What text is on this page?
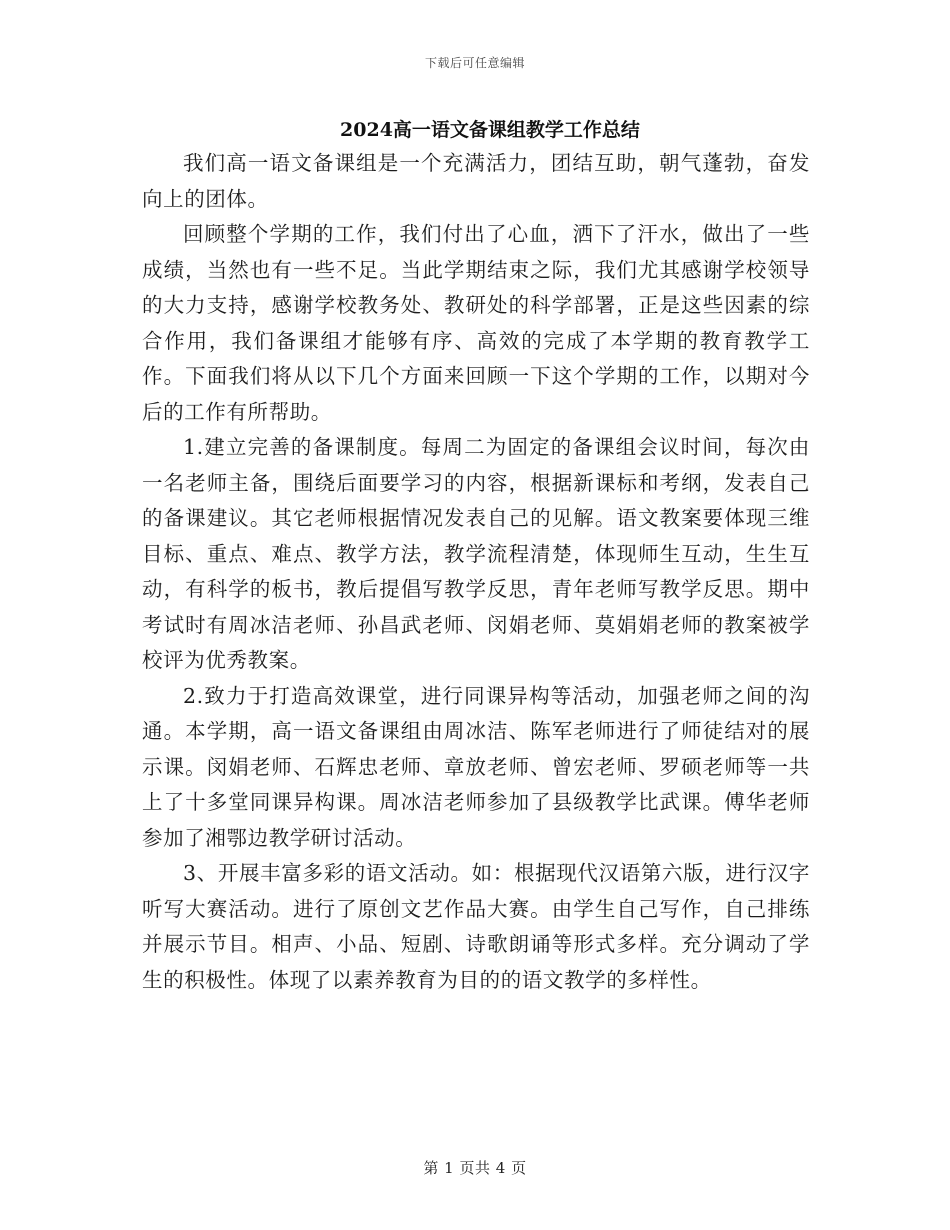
下载后可任意编辑
2024高一语文备课组教学工作总结

我们高一语文备课组是一个充满活力，团结互助，朝气蓬勃，奋发向上的团体。

回顾整个学期的工作，我们付出了心血，洒下了汗水，做出了一些成绩，当然也有一些不足。当此学期结束之际，我们尤其感谢学校领导的大力支持，感谢学校教务处、教研处的科学部署，正是这些因素的综合作用，我们备课组才能够有序、高效的完成了本学期的教育教学工作。下面我们将从以下几个方面来回顾一下这个学期的工作，以期对今后的工作有所帮助。

1.建立完善的备课制度。每周二为固定的备课组会议时间，每次由一名老师主备，围绕后面要学习的内容，根据新课标和考纲，发表自己的备课建议。其它老师根据情况发表自己的见解。语文教案要体现三维目标、重点、难点、教学方法，教学流程清楚，体现师生互动，生生互动，有科学的板书，教后提倡写教学反思，青年老师写教学反思。期中考试时有周冰洁老师、孙昌武老师、闵娟老师、莫娟娟老师的教案被学校评为优秀教案。

2.致力于打造高效课堂，进行同课异构等活动，加强老师之间的沟通。本学期，高一语文备课组由周冰洁、陈军老师进行了师徒结对的展示课。闵娟老师、石辉忠老师、章放老师、曾宏老师、罗硕老师等一共上了十多堂同课异构课。周冰洁老师参加了县级教学比武课。傅华老师参加了湘鄂边教学研讨活动。

3、开展丰富多彩的语文活动。如：根据现代汉语第六版，进行汉字听写大赛活动。进行了原创文艺作品大赛。由学生自己写作，自己排练并展示节目。相声、小品、短剧、诗歌朗诵等形式多样。充分调动了学生的积极性。体现了以素养教育为目的的语文教学的多样性。

第 1 页共 4 页
